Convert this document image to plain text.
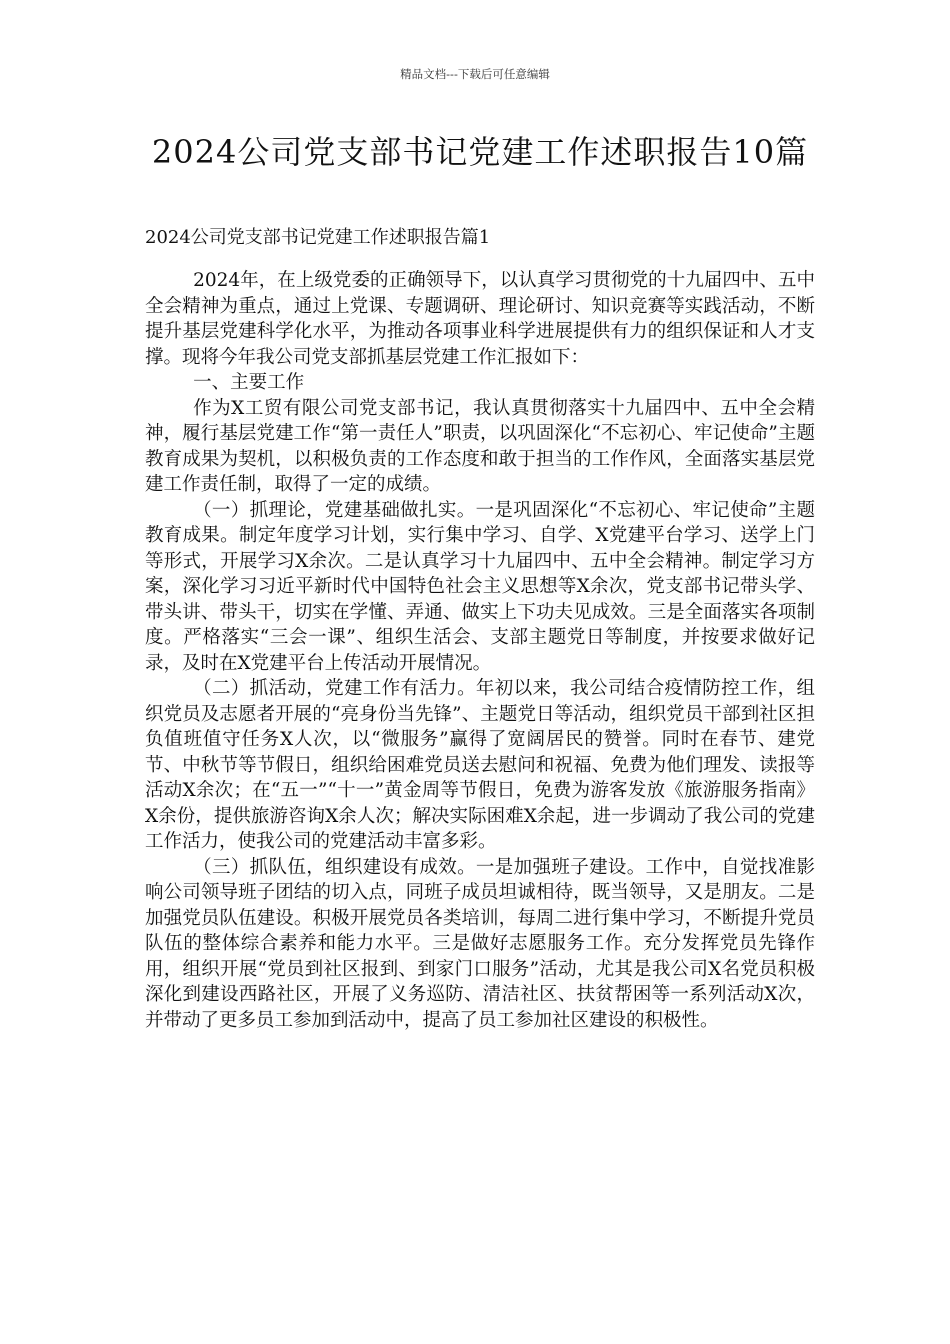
精品文档---下载后可任意编辑
2024公司党支部书记党建工作述职报告10篇
2024公司党支部书记党建工作述职报告篇1

2024年，在上级党委的正确领导下，以认真学习贯彻党的十九届四中、五中全会精神为重点，通过上党课、专题调研、理论研讨、知识竞赛等实践活动，不断提升基层党建科学化水平，为推动各项事业科学进展提供有力的组织保证和人才支撑。现将今年我公司党支部抓基层党建工作汇报如下：

一、主要工作

作为X工贸有限公司党支部书记，我认真贯彻落实十九届四中、五中全会精神，履行基层党建工作“第一责任人”职责，以巩固深化“不忘初心、牢记使命”主题教育成果为契机，以积极负责的工作态度和敢于担当的工作作风，全面落实基层党建工作责任制，取得了一定的成绩。

（一）抓理论，党建基础做扎实。一是巩固深化“不忘初心、牢记使命”主题教育成果。制定年度学习计划，实行集中学习、自学、X党建平台学习、送学上门等形式，开展学习X余次。二是认真学习十九届四中、五中全会精神。制定学习方案，深化学习习近平新时代中国特色社会主义思想等X余次，党支部书记带头学、带头讲、带头干，切实在学懂、弄通、做实上下功夫见成效。三是全面落实各项制度。严格落实“三会一课”、组织生活会、支部主题党日等制度，并按要求做好记录，及时在X党建平台上传活动开展情况。

（二）抓活动，党建工作有活力。年初以来，我公司结合疫情防控工作，组织党员及志愿者开展的“亮身份当先锋”、主题党日等活动，组织党员干部到社区担负值班值守任务X人次，以“微服务”赢得了宽阔居民的赞誉。同时在春节、建党节、中秋节等节假日，组织给困难党员送去慰问和祝福、免费为他们理发、读报等活动X余次；在“五一”“十一”黄金周等节假日，免费为游客发放《旅游服务指南》X余份，提供旅游咨询X余人次；解决实际困难X余起，进一步调动了我公司的党建工作活力，使我公司的党建活动丰富多彩。

（三）抓队伍，组织建设有成效。一是加强班子建设。工作中，自觉找准影响公司领导班子团结的切入点，同班子成员坦诚相待，既当领导，又是朋友。二是加强党员队伍建设。积极开展党员各类培训，每周二进行集中学习，不断提升党员队伍的整体综合素养和能力水平。三是做好志愿服务工作。充分发挥党员先锋作用，组织开展“党员到社区报到、到家门口服务”活动，尤其是我公司X名党员积极深化到建设西路社区，开展了义务巡防、清洁社区、扶贫帮困等一系列活动X次，并带动了更多员工参加到活动中，提高了员工参加社区建设的积极性。
